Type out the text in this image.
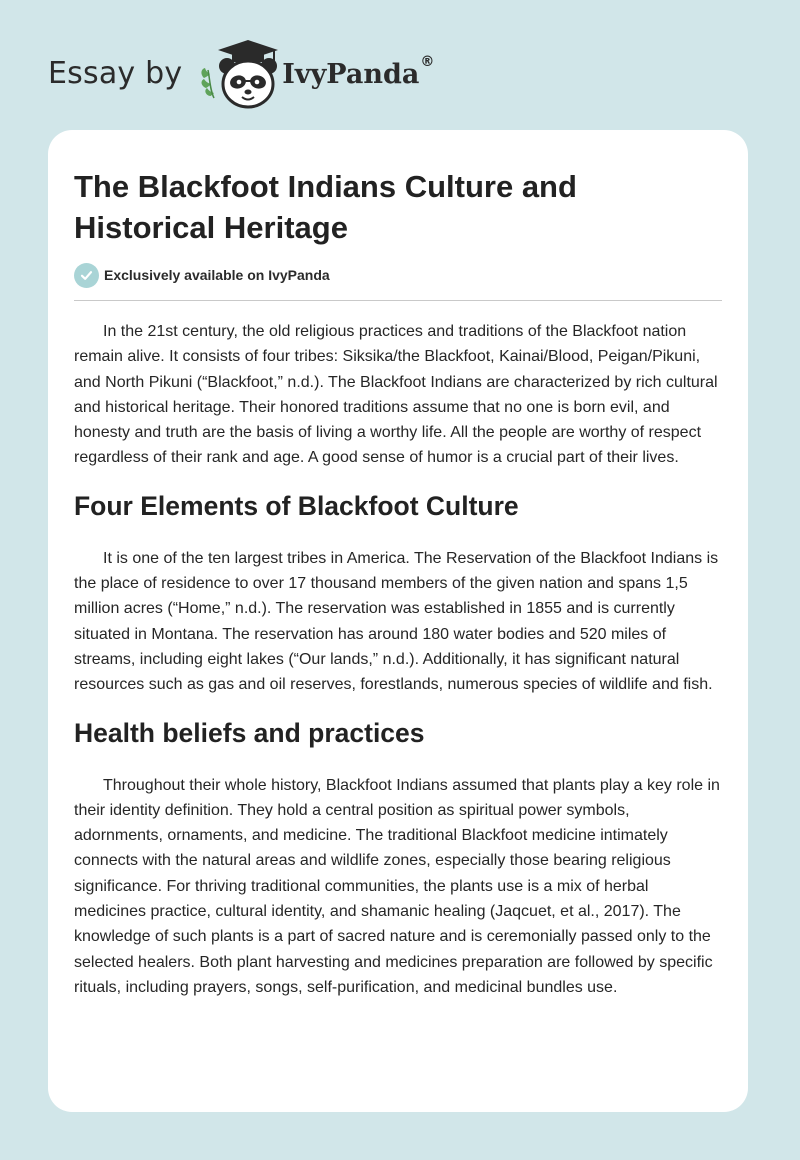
Essay by	IvyPanda®
The Blackfoot Indians Culture and Historical Heritage
Exclusively available on IvyPanda

In the 21st century, the old religious practices and traditions of the Blackfoot nation remain alive. It consists of four tribes: Siksika/the Blackfoot, Kainai/Blood, Peigan/Pikuni, and North Pikuni (“Blackfoot,” n.d.). The Blackfoot Indians are characterized by rich cultural and historical heritage. Their honored traditions assume that no one is born evil, and honesty and truth are the basis of living a worthy life. All the people are worthy of respect regardless of their rank and age. A good sense of humor is a crucial part of their lives.

Four Elements of Blackfoot Culture

It is one of the ten largest tribes in America. The Reservation of the Blackfoot Indians is the place of residence to over 17 thousand members of the given nation and spans 1,5 million acres (“Home,” n.d.). The reservation was established in 1855 and is currently situated in Montana. The reservation has around 180 water bodies and 520 miles of streams, including eight lakes (“Our lands,” n.d.). Additionally, it has significant natural resources such as gas and oil reserves, forestlands, numerous species of wildlife and fish.

Health beliefs and practices

Throughout their whole history, Blackfoot Indians assumed that plants play a key role in their identity definition. They hold a central position as spiritual power symbols, adornments, ornaments, and medicine. The traditional Blackfoot medicine intimately connects with the natural areas and wildlife zones, especially those bearing religious significance. For thriving traditional communities, the plants use is a mix of herbal medicines practice, cultural identity, and shamanic healing (Jaqcuet, et al., 2017). The knowledge of such plants is a part of sacred nature and is ceremonially passed only to the selected healers. Both plant harvesting and medicines preparation are followed by specific rituals, including prayers, songs, self-purification, and medicinal bundles use.
